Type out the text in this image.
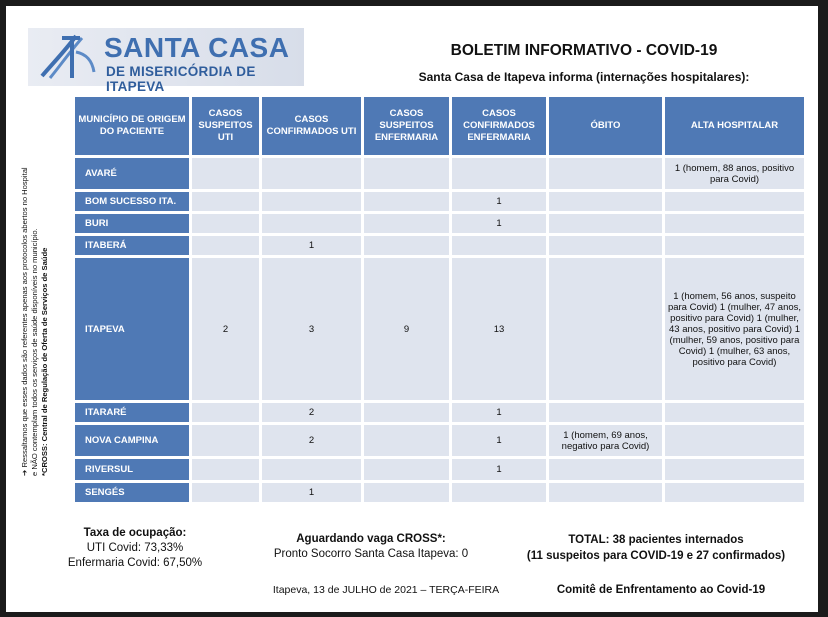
SANTA CASA
DE MISERICÓRDIA DE ITAPEVA
BOLETIM INFORMATIVO - COVID-19
Santa Casa de Itapeva informa (internações hospitalares):
➔ Ressaltamos que esses dados são referentes apenas aos protocolos abertos no Hospital e NÃO contemplam todos os serviços de saúde disponíveis no município. *CROSS: Central de Regulação de Oferta de Serviços de Saúde
MUNICÍPIO DE ORIGEM DO PACIENTE	CASOS SUSPEITOS UTI	CASOS CONFIRMADOS UTI	CASOS SUSPEITOS ENFERMARIA	CASOS CONFIRMADOS ENFERMARIA	ÓBITO	ALTA HOSPITALAR
AVARÉ						1 (homem, 88 anos, positivo para Covid)
BOM SUCESSO ITA.				1		
BURI				1		
ITABERÁ		1				
ITAPEVA	2	3	9	13		1 (homem, 56 anos, suspeito para Covid) 1 (mulher, 47 anos, positivo para Covid) 1 (mulher, 43 anos, positivo para Covid) 1 (mulher, 59 anos, positivo para Covid) 1 (mulher, 63 anos, positivo para Covid)
ITARARÉ		2		1		
NOVA CAMPINA		2		1	1 (homem, 69 anos, negativo para Covid)	
RIVERSUL				1		
SENGÉS		1				
Taxa de ocupação:
UTI Covid: 73,33%
Enfermaria Covid: 67,50%
Aguardando vaga CROSS*:
Pronto Socorro Santa Casa Itapeva: 0
TOTAL: 38 pacientes internados
(11 suspeitos para COVID-19 e 27 confirmados)
Itapeva, 13 de JULHO de 2021 – TERÇA-FEIRA	Comitê de Enfrentamento ao Covid-19
